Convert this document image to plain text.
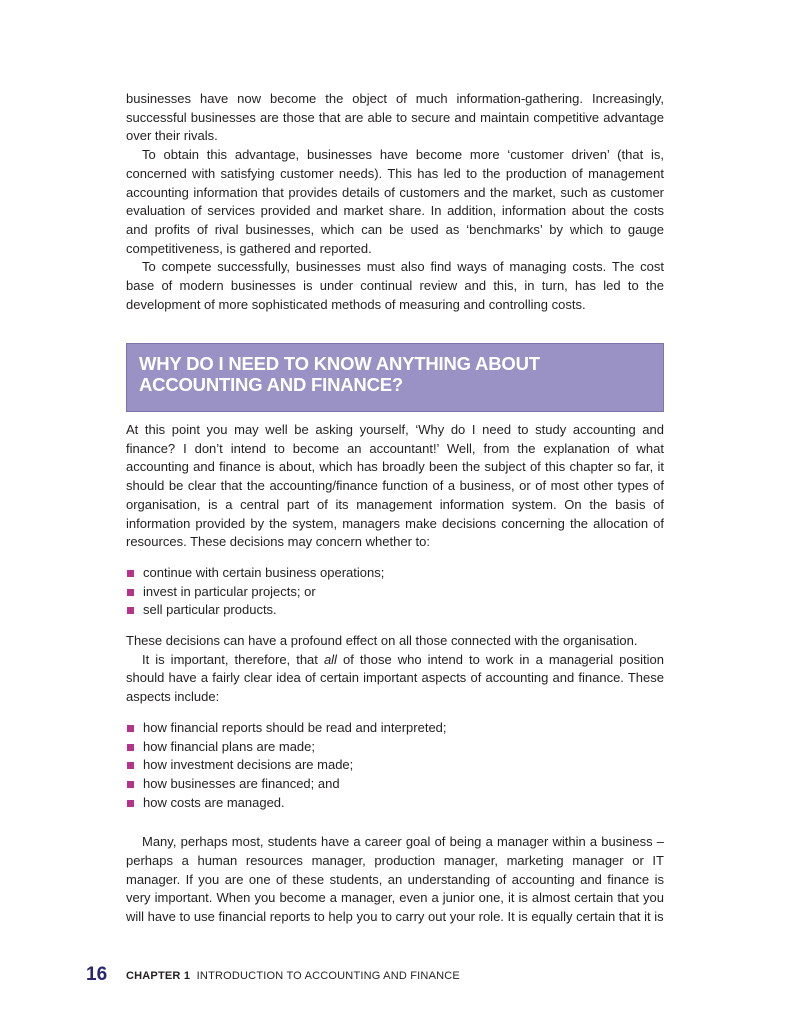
businesses have now become the object of much information-gathering. Increasingly, successful businesses are those that are able to secure and maintain competitive advantage over their rivals.

To obtain this advantage, businesses have become more ‘customer driven’ (that is, concerned with satisfying customer needs). This has led to the production of management accounting information that provides details of customers and the market, such as customer evaluation of services provided and market share. In addition, information about the costs and profits of rival businesses, which can be used as ‘benchmarks’ by which to gauge competitiveness, is gathered and reported.

To compete successfully, businesses must also find ways of managing costs. The cost base of modern businesses is under continual review and this, in turn, has led to the development of more sophisticated methods of measuring and controlling costs.

WHY DO I NEED TO KNOW ANYTHING ABOUT ACCOUNTING AND FINANCE?

At this point you may well be asking yourself, ‘Why do I need to study accounting and finance? I don’t intend to become an accountant!’ Well, from the explanation of what accounting and finance is about, which has broadly been the subject of this chapter so far, it should be clear that the accounting/finance function of a business, or of most other types of organisation, is a central part of its management information system. On the basis of information provided by the system, managers make decisions concerning the allocation of resources. These decisions may concern whether to:

continue with certain business operations;
invest in particular projects; or
sell particular products.

These decisions can have a profound effect on all those connected with the organisation.

It is important, therefore, that all of those who intend to work in a managerial position should have a fairly clear idea of certain important aspects of accounting and finance. These aspects include:

how financial reports should be read and interpreted;
how financial plans are made;
how investment decisions are made;
how businesses are financed; and
how costs are managed.

Many, perhaps most, students have a career goal of being a manager within a business – perhaps a human resources manager, production manager, marketing manager or IT manager. If you are one of these students, an understanding of accounting and finance is very important. When you become a manager, even a junior one, it is almost certain that you will have to use financial reports to help you to carry out your role. It is equally certain that it is

16 CHAPTER 1 INTRODUCTION TO ACCOUNTING AND FINANCE
